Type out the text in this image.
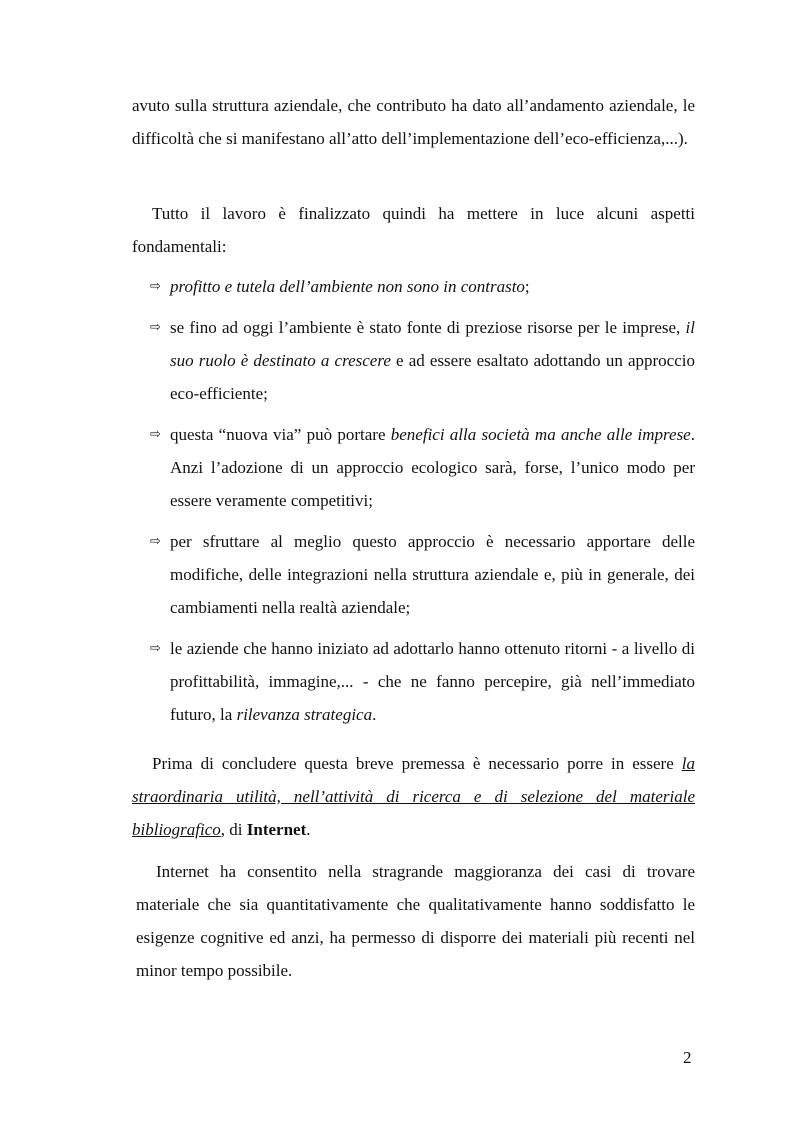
avuto sulla struttura aziendale, che contributo ha dato all’andamento aziendale, le difficoltà che si manifestano all’atto dell’implementazione dell’eco-efficienza,...).

Tutto il lavoro è finalizzato quindi ha mettere in luce alcuni aspetti fondamentali:

⇨ profitto e tutela dell’ambiente non sono in contrasto;
⇨ se fino ad oggi l’ambiente è stato fonte di preziose risorse per le imprese, il suo ruolo è destinato a crescere e ad essere esaltato adottando un approccio eco-efficiente;
⇨ questa “nuova via” può portare benefici alla società ma anche alle imprese. Anzi l’adozione di un approccio ecologico sarà, forse, l’unico modo per essere veramente competitivi;
⇨ per sfruttare al meglio questo approccio è necessario apportare delle modifiche, delle integrazioni nella struttura aziendale e, più in generale, dei cambiamenti nella realtà aziendale;
⇨ le aziende che hanno iniziato ad adottarlo hanno ottenuto ritorni - a livello di profittabilità, immagine,... - che ne fanno percepire, già nell’immediato futuro, la rilevanza strategica.

Prima di concludere questa breve premessa è necessario porre in essere la straordinaria utilità, nell’attività di ricerca e di selezione del materiale bibliografico, di Internet.

Internet ha consentito nella stragrande maggioranza dei casi di trovare materiale che sia quantitativamente che qualitativamente hanno soddisfatto le esigenze cognitive ed anzi, ha permesso di disporre dei materiali più recenti nel minor tempo possibile.

2
